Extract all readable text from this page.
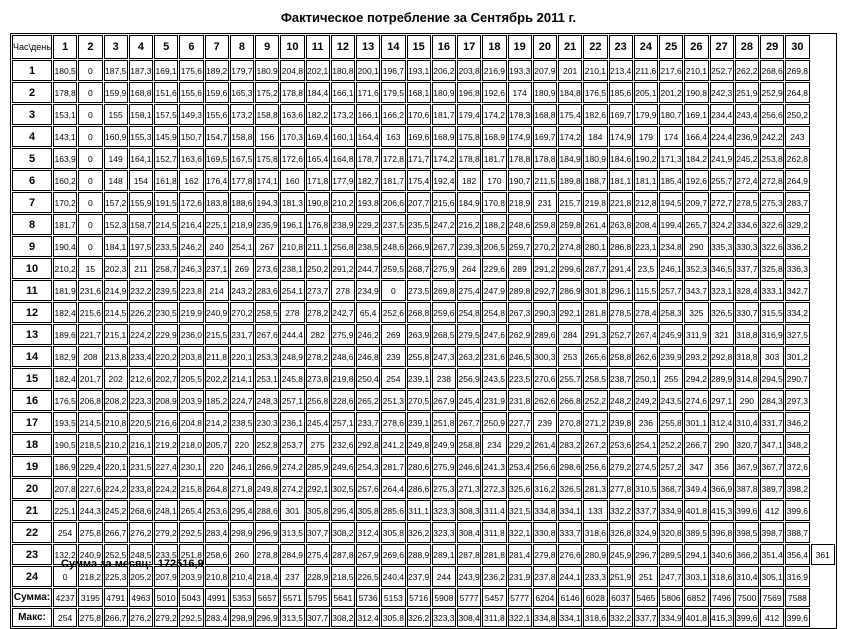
Фактическое потребление за Сентябрь 2011 г.
Час\день	1	2	3	4	5	6	7	8	9	10	11	12	13	14	15	16	17	18	19	20	21	22	23	24	25	26	27	28	29	30	
1	180,5	0	187,5	187,3	169,1	175,6	189,2	179,7	180,9	204,8	202,1	180,8	200,1	196,7	193,1	206,2	203,8	216,9	193,3	207,9	201	210,1	213,4	211,6	217,6	210,1	252,7	262,2	268,6	269,8	
2	178,8	0	159,9	168,8	151,6	155,6	159,6	165,3	175,2	178,8	184,4	166,1	171,6	179,5	168,1	180,9	196,8	192,6	174	180,9	184,8	176,5	185,6	205,1	201,2	190,8	242,3	251,9	252,9	264,8	
3	153,1	0	155	158,1	157,5	149,3	155,6	173,2	158,8	163,6	182,2	173,2	166,1	166,2	170,6	181,7	179,4	174,2	178,3	168,8	175,4	182,6	169,7	179,9	180,7	169,1	234,4	243,4	256,6	250,2	
4	143,1	0	160,9	155,3	145,9	150,7	154,7	158,8	156	170,3	169,4	160,1	164,4	163	169,6	168,9	175,8	168,9	174,9	169,7	174,2	184	174,9	179	174	166,4	224,4	236,9	242,2	243	
5	163,9	0	149	164,1	152,7	163,6	169,5	167,5	175,8	172,6	165,4	164,8	178,7	172,8	171,7	174,2	178,8	181,7	178,8	178,8	184,9	180,9	184,6	190,2	171,3	184,2	241,9	245,2	253,8	262,8	
6	160,2	0	148	154	161,8	162	176,4	177,8	174,1	160	171,8	177,9	182,7	181,7	175,4	192,4	182	170	190,7	211,5	189,8	188,7	181,1	181,1	185,4	192,6	255,7	272,4	272,8	264,9	
7	170,2	0	157,2	155,9	191,5	172,6	183,8	188,6	194,3	181,3	190,8	210,2	193,8	206,6	207,7	215,6	184,9	170,8	218,9	231	215,7	219,8	221,8	212,8	194,5	209,7	272,7	278,5	275,3	283,7	
8	181,7	0	152,3	158,7	214,5	216,4	225,1	218,9	235,9	196,1	176,8	238,9	229,2	237,5	235,5	247,2	216,2	188,2	248,6	259,8	259,8	261,4	263,8	208,4	199,4	265,7	324,2	334,6	322,6	329,2	
9	190,4	0	184,1	197,5	233,5	246,2	240	254,1	267	210,8	211,1	256,8	238,5	248,6	266,9	267,7	239,3	206,5	259,7	270,2	274,8	280,1	286,8	223,1	234,8	290	335,3	330,3	322,6	336,2	
10	210,2	15	202,3	211	258,7	246,3	237,1	269	273,6	238,1	250,2	291,2	244,7	259,5	268,7	275,9	264	229,6	289	291,2	299,6	287,7	291,4	23,5	246,1	352,3	346,5	337,7	325,8	336,3	
11	181,9	231,6	214,9	232,2	239,5	223,8	214	243,2	283,6	254,1	273,7	278	234,9	0	273,5	269,8	275,4	247,9	289,8	292,7	286,9	301,8	296,1	115,5	257,7	343,7	323,1	328,4	333,1	342,7	
12	182,4	215,6	214,5	226,2	230,5	219,9	240,9	270,2	258,5	278	278,2	242,7	65,4	252,6	268,8	259,6	254,8	254,8	267,3	290,3	292,1	281,8	278,5	278,4	258,3	325	326,5	330,7	315,5	334,2	
13	189,6	221,7	215,1	224,2	229,9	236,0	215,5	231,7	267,6	244,4	282	275,9	246,2	269	263,9	268,5	279,5	247,6	262,9	289,6	284	291,3	252,7	267,4	245,9	311,9	321	318,8	316,9	327,5	
14	182,9	208	213,8	233,4	220,2	203,8	211,8	220,1	253,3	248,9	278,2	248,6	246,8	239	255,8	247,3	263,2	231,6	246,5	300,3	253	265,6	258,8	262,6	239,9	293,2	292,8	318,8	303	301,2	
15	182,4	201,7	202	212,6	202,7	205,5	202,2	214,1	253,1	245,8	273,8	219,8	250,4	254	239,1	238	256,9	243,5	223,5	270,6	255,7	258,5	238,7	250,1	255	294,2	289,9	314,8	294,5	290,7	
16	176,5	206,8	208,2	223,3	208,9	203,9	185,2	224,7	248,3	257,1	256,8	228,6	265,2	251,3	270,5	267,9	245,4	231,9	231,8	262,6	266,8	252,2	248,2	249,2	243,5	274,6	297,1	290	284,3	297,3	
17	193,5	214,5	210,8	220,5	216,6	204,8	214,2	238,5	230,3	236,1	245,4	257,1	233,7	278,6	239,1	251,8	267,7	250,9	227,7	239	270,8	271,2	239,8	236	255,8	301,1	312,4	310,4	331,7	346,2	
18	190,5	218,5	210,2	216,1	219,2	218,0	205,7	220	252,8	253,7	275	232,6	292,8	241,2	249,8	249,9	258,8	234	229,2	261,4	283,2	267,2	253,6	254,1	252,2	266,7	290	320,7	347,1	348,2	
19	186,9	229,4	220,1	231,5	227,4	230,1	220	246,1	266,9	274,2	285,9	249,6	254,3	281,7	280,6	275,9	246,6	241,3	253,4	256,6	298,6	256,6	279,2	274,5	257,2	347	356	367,9	367,7	372,6	
20	207,8	227,6	224,2	233,8	224,2	215,8	264,8	271,8	249,8	274,2	292,1	302,5	257,6	264,4	286,6	275,3	271,3	272,3	325,6	316,2	326,5	281,3	277,8	310,5	368,7	349,4	366,9	387,8	389,7	398,2	
21	225,1	244,3	245,2	268,6	248,1	265,4	253,6	295,4	288,6	301	305,8	295,4	305,8	285,6	311,1	323,3	308,3	311,4	321,5	334,8	334,1	133	332,2	337,7	334,9	401,8	415,3	399,6	412	399,6	
22	254	275,8	266,7	276,2	279,2	292,5	283,4	298,9	296,9	313,5	307,7	308,2	312,4	305,8	326,2	323,3	308,4	311,8	322,1	330,8	333,7	318,6	326,8	324,9	320,8	389,5	396,8	398,5	398,7	388,7	
23	132,2	240,9	252,5	248,5	233,5	251,8	258,6	260	278,8	284,9	275,4	287,8	267,9	269,6	288,9	289,1	287,8	281,8	281,4	279,8	276,6	280,9	245,9	296,7	289,5	294,1	340,6	366,2	351,4	356,4	361
24	0	218,2	225,3	205,2	207,9	203,9	210,8	210,4	218,4	237	228,9	218,5	226,5	240,4	237,9	244	243,9	236,2	231,9	237,8	244,1	233,3	251,9	251	247,7	303,1	318,6	310,4	305,1	316,9	
Сумма:	4237	3195	4791	4963	5010	5043	4991	5353	5657	5571	5795	5641	5736	5153	5716	5908	5777	5457	5777	6204	6146	6028	6037	5465	5806	6852	7496	7500	7569	7588	
Макс:	254	275,8	266,7	276,2	279,2	292,5	283,4	298,9	296,9	313,5	307,7	308,2	312,4	305,8	326,2	323,3	308,4	311,8	322,1	334,8	334,1	318,6	332,2	337,7	334,9	401,8	415,3	399,6	412	399,6	
Сумма за месяц: 172516,9
